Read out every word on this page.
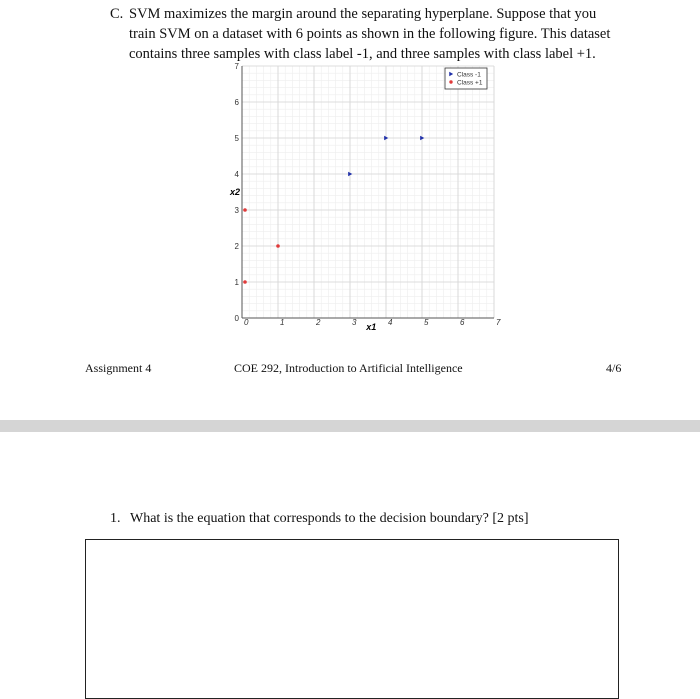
C. SVM maximizes the margin around the separating hyperplane. Suppose that you
train SVM on a dataset with 6 points as shown in the following figure. This dataset
contains three samples with class label -1, and three samples with class label +1.
0	1	2	3	4	5	6	7
0
1
2
3
4
5
6
7
Class -1
Class +1
x1
x2
Assignment 4	COE 292, Introduction to Artificial Intelligence	4/6
1. What is the equation that corresponds to the decision boundary? [2 pts]
